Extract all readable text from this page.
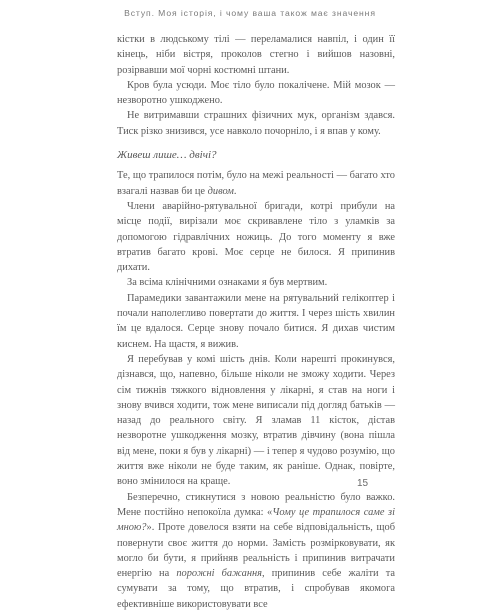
Вступ. Моя історія, і чому ваша також має значення

кістки в людському тілі — переламалися навпіл, і один її кінець, ніби вістря, проколов стегно і вийшов назовні, розірвавши мої чорні костюмні штани.

Кров була усюди. Моє тіло було покалічене. Мій мозок — незворотно ушкоджено.

Не витримавши страшних фізичних мук, організм здався. Тиск різко знизився, усе навколо почорніло, і я впав у кому.

Живеш лише… двічі?

Те, що трапилося потім, було на межі реальності — багато хто взагалі назвав би це дивом.

Члени аварійно-рятувальної бригади, котрі прибули на місце події, вирізали моє скривавлене тіло з уламків за допомогою гідравлічних ножиць. До того моменту я вже втратив багато крові. Моє серце не билося. Я припинив дихати.

За всіма клінічними ознаками я був мертвим.

Парамедики завантажили мене на рятувальний гелікоптер і почали наполегливо повертати до життя. І через шість хвилин їм це вдалося. Серце знову почало битися. Я дихав чистим киснем. На щастя, я вижив.

Я перебував у комі шість днів. Коли нарешті прокинувся, дізнався, що, напевно, більше ніколи не зможу ходити. Через сім тижнів тяжкого відновлення у лікарні, я став на ноги і знову вчився ходити, тож мене виписали під догляд батьків — назад до реального світу. Я зламав 11 кісток, дістав незворотне ушкодження мозку, втратив дівчину (вона пішла від мене, поки я був у лікарні) — і тепер я чудово розумію, що життя вже ніколи не буде таким, як раніше. Однак, повірте, воно змінилося на краще.

Безперечно, стикнутися з новою реальністю було важко. Мене постійно непокоїла думка: «Чому це трапилося саме зі мною?». Проте довелося взяти на себе відповідальність, щоб повернути своє життя до норми. Замість розмірковувати, як могло би бути, я прийняв реальність і припинив витрачати енергію на порожні бажання, припинив себе жаліти та сумувати за тому, що втратив, і спробував якомога ефективніше використовувати все

15
